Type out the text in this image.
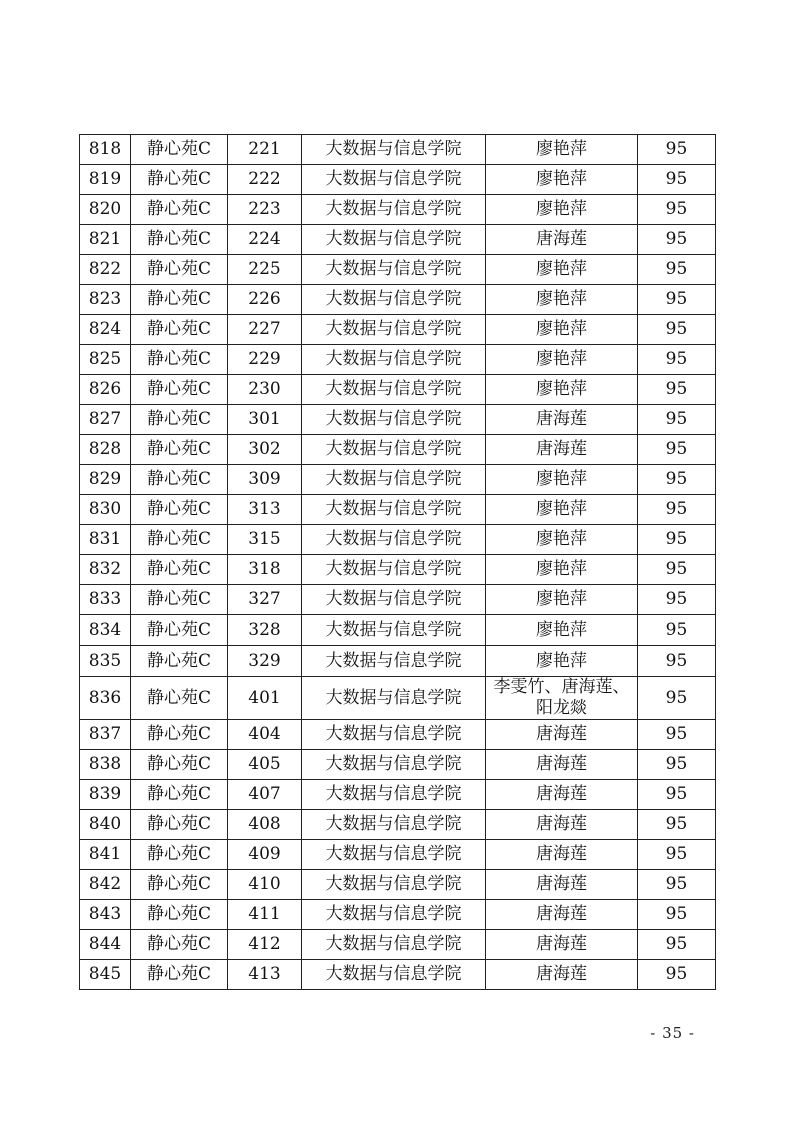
818	静心苑C	221	大数据与信息学院	廖艳萍	95
819	静心苑C	222	大数据与信息学院	廖艳萍	95
820	静心苑C	223	大数据与信息学院	廖艳萍	95
821	静心苑C	224	大数据与信息学院	唐海莲	95
822	静心苑C	225	大数据与信息学院	廖艳萍	95
823	静心苑C	226	大数据与信息学院	廖艳萍	95
824	静心苑C	227	大数据与信息学院	廖艳萍	95
825	静心苑C	229	大数据与信息学院	廖艳萍	95
826	静心苑C	230	大数据与信息学院	廖艳萍	95
827	静心苑C	301	大数据与信息学院	唐海莲	95
828	静心苑C	302	大数据与信息学院	唐海莲	95
829	静心苑C	309	大数据与信息学院	廖艳萍	95
830	静心苑C	313	大数据与信息学院	廖艳萍	95
831	静心苑C	315	大数据与信息学院	廖艳萍	95
832	静心苑C	318	大数据与信息学院	廖艳萍	95
833	静心苑C	327	大数据与信息学院	廖艳萍	95
834	静心苑C	328	大数据与信息学院	廖艳萍	95
835	静心苑C	329	大数据与信息学院	廖艳萍	95
836	静心苑C	401	大数据与信息学院	李雯竹、唐海莲、
阳龙燚	95
837	静心苑C	404	大数据与信息学院	唐海莲	95
838	静心苑C	405	大数据与信息学院	唐海莲	95
839	静心苑C	407	大数据与信息学院	唐海莲	95
840	静心苑C	408	大数据与信息学院	唐海莲	95
841	静心苑C	409	大数据与信息学院	唐海莲	95
842	静心苑C	410	大数据与信息学院	唐海莲	95
843	静心苑C	411	大数据与信息学院	唐海莲	95
844	静心苑C	412	大数据与信息学院	唐海莲	95
845	静心苑C	413	大数据与信息学院	唐海莲	95
- 35 -
